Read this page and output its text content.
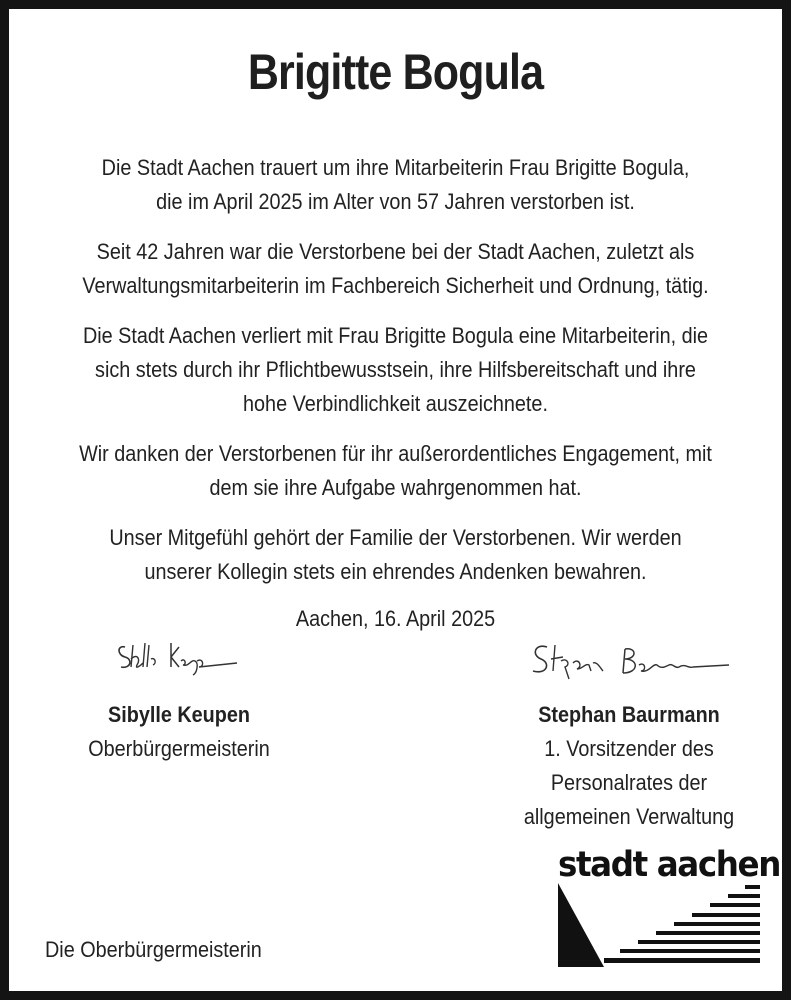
Brigitte Bogula

Die Stadt Aachen trauert um ihre Mitarbeiterin Frau Brigitte Bogula,
die im April 2025 im Alter von 57 Jahren verstorben ist.

Seit 42 Jahren war die Verstorbene bei der Stadt Aachen, zuletzt als
Verwaltungsmitarbeiterin im Fachbereich Sicherheit und Ordnung, tätig.

Die Stadt Aachen verliert mit Frau Brigitte Bogula eine Mitarbeiterin, die
sich stets durch ihr Pflichtbewusstsein, ihre Hilfsbereitschaft und ihre
hohe Verbindlichkeit auszeichnete.

Wir danken der Verstorbenen für ihr außerordentliches Engagement, mit
dem sie ihre Aufgabe wahrgenommen hat.

Unser Mitgefühl gehört der Familie der Verstorbenen. Wir werden
unserer Kollegin stets ein ehrendes Andenken bewahren.

Aachen, 16. April 2025
Sibylle Keupen
Oberbürgermeisterin
Stephan Baurmann
1. Vorsitzender des
Personalrates der
allgemeinen Verwaltung
stadt aachen
Die Oberbürgermeisterin
